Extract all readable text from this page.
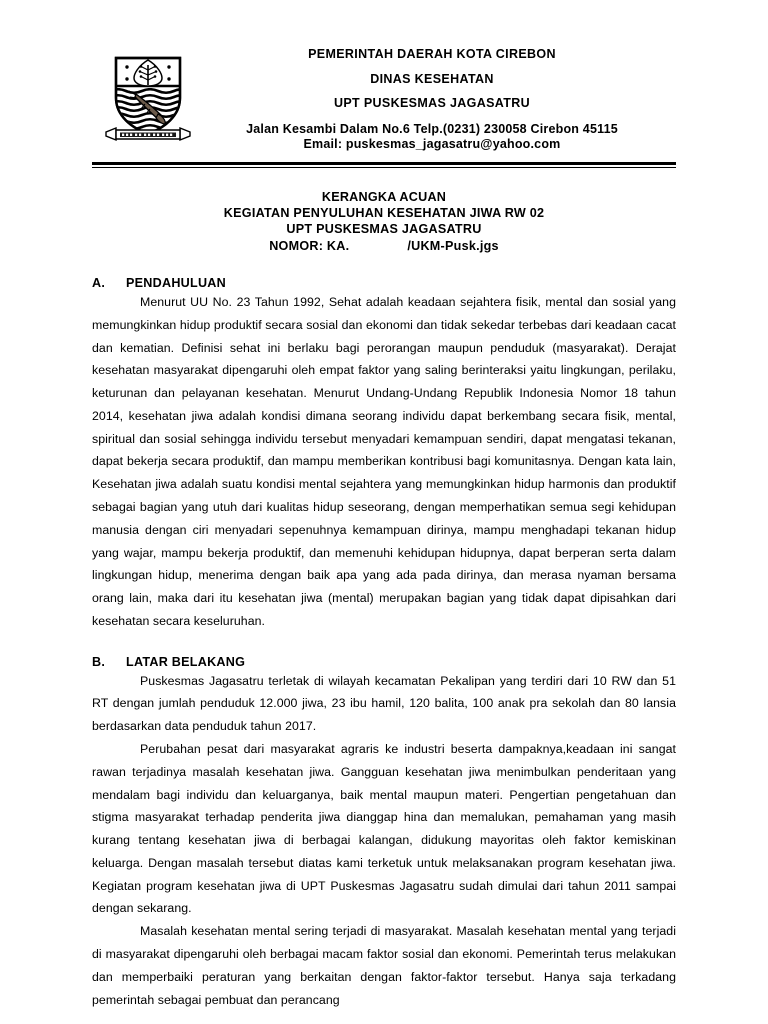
PEMERINTAH DAERAH KOTA CIREBON
DINAS KESEHATAN
UPT PUSKESMAS JAGASATRU
Jalan Kesambi Dalam No.6 Telp.(0231) 230058 Cirebon 45115
Email: puskesmas_jagasatru@yahoo.com
KERANGKA ACUAN
KEGIATAN PENYULUHAN KESEHATAN JIWA RW 02
UPT PUSKESMAS JAGASATRU
NOMOR: KA.	/UKM-Pusk.jgs
A.	PENDAHULUAN

Menurut UU No. 23 Tahun 1992, Sehat adalah keadaan sejahtera fisik, mental dan sosial yang memungkinkan hidup produktif secara sosial dan ekonomi dan tidak sekedar terbebas dari keadaan cacat dan kematian. Definisi sehat ini berlaku bagi perorangan maupun penduduk (masyarakat). Derajat kesehatan masyarakat dipengaruhi oleh empat faktor yang saling berinteraksi yaitu lingkungan, perilaku, keturunan dan pelayanan kesehatan. Menurut Undang-Undang Republik Indonesia Nomor 18 tahun 2014, kesehatan jiwa adalah kondisi dimana seorang individu dapat berkembang secara fisik, mental, spiritual dan sosial sehingga individu tersebut menyadari kemampuan sendiri, dapat mengatasi tekanan, dapat bekerja secara produktif, dan mampu memberikan kontribusi bagi komunitasnya. Dengan kata lain, Kesehatan jiwa adalah suatu kondisi mental sejahtera yang memungkinkan hidup harmonis dan produktif sebagai bagian yang utuh dari kualitas hidup seseorang, dengan memperhatikan semua segi kehidupan manusia dengan ciri menyadari sepenuhnya kemampuan dirinya, mampu menghadapi tekanan hidup yang wajar, mampu bekerja produktif, dan memenuhi kehidupan hidupnya, dapat berperan serta dalam lingkungan hidup, menerima dengan baik apa yang ada pada dirinya, dan merasa nyaman bersama orang lain, maka dari itu kesehatan jiwa (mental) merupakan bagian yang tidak dapat dipisahkan dari kesehatan secara keseluruhan.

B.	LATAR BELAKANG

Puskesmas Jagasatru terletak di wilayah kecamatan Pekalipan yang terdiri dari 10 RW dan 51 RT dengan jumlah penduduk 12.000 jiwa, 23 ibu hamil, 120 balita, 100 anak pra sekolah dan 80 lansia berdasarkan data penduduk tahun 2017.

Perubahan pesat dari masyarakat agraris ke industri beserta dampaknya,keadaan ini sangat rawan terjadinya masalah kesehatan jiwa. Gangguan kesehatan jiwa menimbulkan penderitaan yang mendalam bagi individu dan keluarganya, baik mental maupun materi. Pengertian pengetahuan dan stigma masyarakat terhadap penderita jiwa dianggap hina dan memalukan, pemahaman yang masih kurang tentang kesehatan jiwa di berbagai kalangan, didukung mayoritas oleh faktor kemiskinan keluarga. Dengan masalah tersebut diatas kami terketuk untuk melaksanakan program kesehatan jiwa. Kegiatan program kesehatan jiwa di UPT Puskesmas Jagasatru sudah dimulai dari tahun 2011 sampai dengan sekarang.

Masalah kesehatan mental sering terjadi di masyarakat. Masalah kesehatan mental yang terjadi di masyarakat dipengaruhi oleh berbagai macam faktor sosial dan ekonomi. Pemerintah terus melakukan dan memperbaiki peraturan yang berkaitan dengan faktor-faktor tersebut. Hanya saja terkadang pemerintah sebagai pembuat dan perancang
